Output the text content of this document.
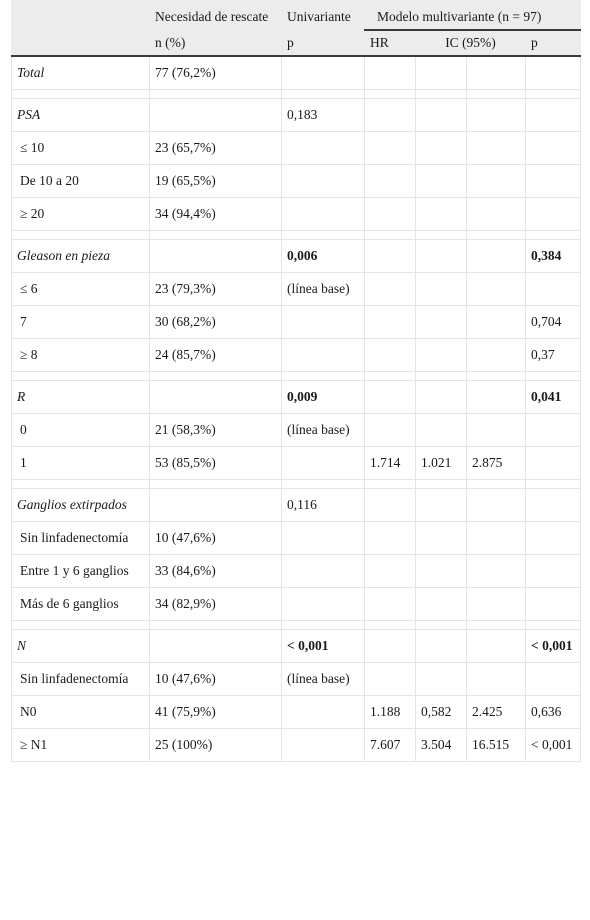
	Necesidad de rescate	Univariante	Modelo multivariante (n = 97)			
	n (%)	p	HR	IC (95%)		p
Total	77 (76,2%)					

PSA		0,183				
≤ 10	23 (65,7%)					
De 10 a 20	19 (65,5%)					
≥ 20	34 (94,4%)					

Gleason en pieza		0,006				0,384
≤ 6	23 (79,3%)	(línea base)				
7	30 (68,2%)					0,704
≥ 8	24 (85,7%)					0,37

R		0,009				0,041
0	21 (58,3%)	(línea base)				
1	53 (85,5%)		1.714	1.021	2.875	

Ganglios extirpados		0,116				
Sin linfadenectomía	10 (47,6%)					
Entre 1 y 6 ganglios	33 (84,6%)					
Más de 6 ganglios	34 (82,9%)					

N		< 0,001				< 0,001
Sin linfadenectomía	10 (47,6%)	(línea base)				
N0	41 (75,9%)		1.188	0,582	2.425	0,636
≥ N1	25 (100%)		7.607	3.504	16.515	< 0,001
